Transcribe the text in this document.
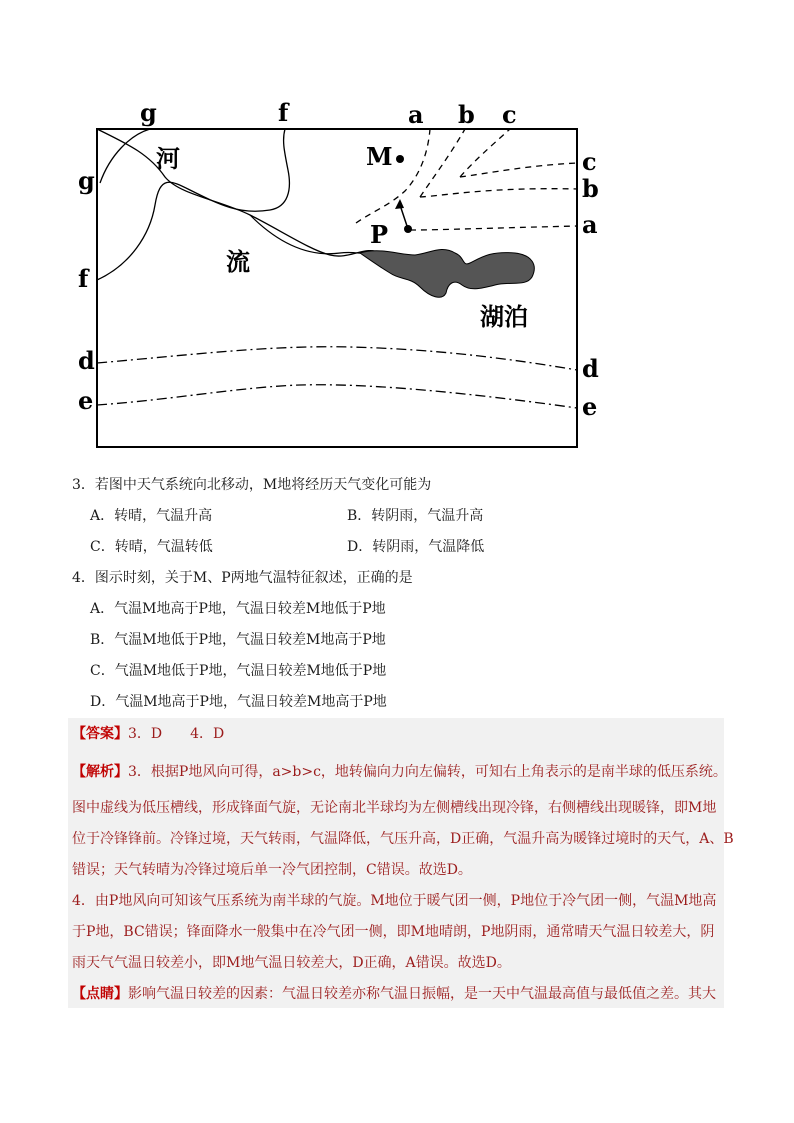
g	f	a b c
c
b
a
g
f
d	d
e	e
M
P
河
流
湖泊
3．若图中天气系统向北移动，M地将经历天气变化可能为
A．转晴，气温升高	B．转阴雨，气温升高
C．转晴，气温转低	D．转阴雨，气温降低
4．图示时刻，关于M、P两地气温特征叙述，正确的是
A．气温M地高于P地，气温日较差M地低于P地
B．气温M地低于P地，气温日较差M地高于P地
C．气温M地低于P地，气温日较差M地低于P地
D．气温M地高于P地，气温日较差M地高于P地
【答案】3．D　　4．D
【解析】3．根据P地风向可得，a>b>c，地转偏向力向左偏转，可知右上角表示的是南半球的低压系统。
图中虚线为低压槽线，形成锋面气旋，无论南北半球均为左侧槽线出现冷锋，右侧槽线出现暖锋，即M地
位于冷锋锋前。冷锋过境，天气转雨，气温降低，气压升高，D正确，气温升高为暖锋过境时的天气，A、B
错误；天气转晴为冷锋过境后单一冷气团控制，C错误。故选D。
4．由P地风向可知该气压系统为南半球的气旋。M地位于暖气团一侧，P地位于冷气团一侧，气温M地高
于P地，BC错误；锋面降水一般集中在冷气团一侧，即M地晴朗，P地阴雨，通常晴天气温日较差大，阴
雨天气气温日较差小，即M地气温日较差大，D正确，A错误。故选D。
【点睛】影响气温日较差的因素：气温日较差亦称气温日振幅，是一天中气温最高值与最低值之差。其大
